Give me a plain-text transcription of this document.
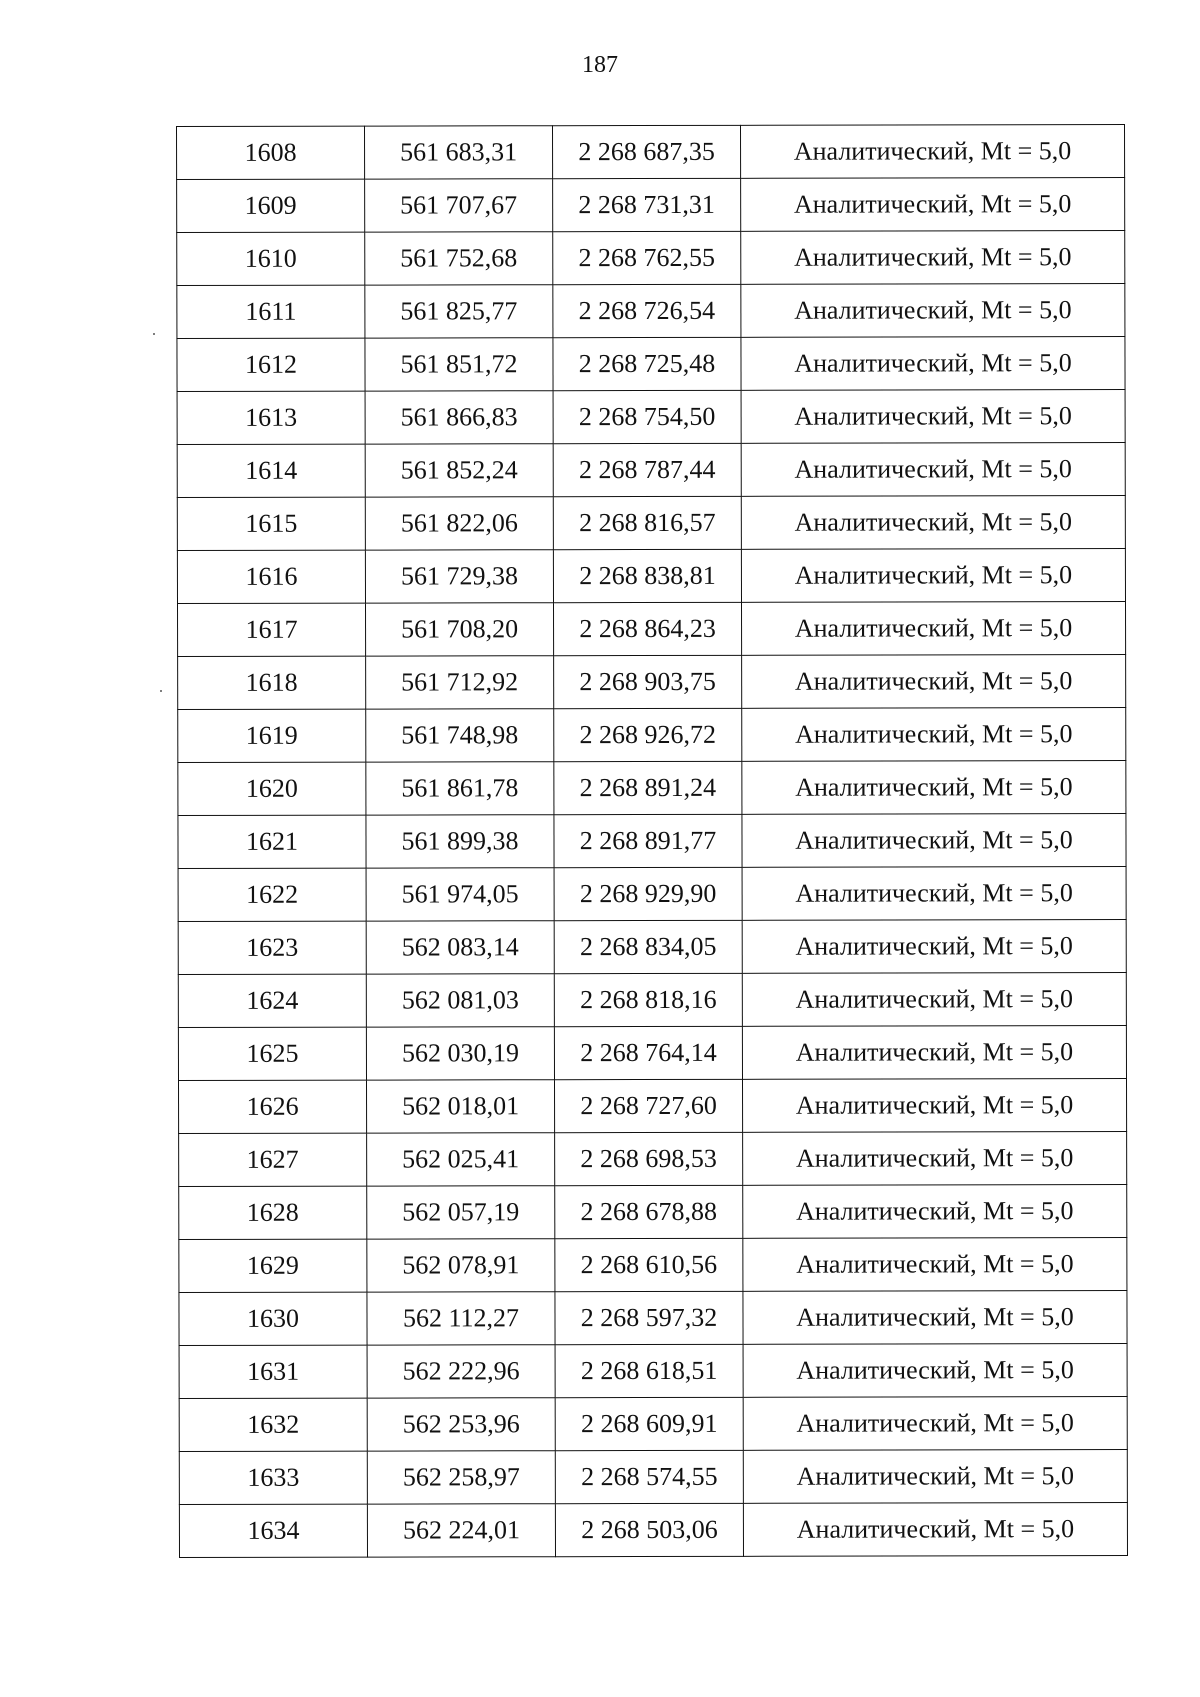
187
1608	561 683,31	2 268 687,35	Аналитический, Mt = 5,0
1609	561 707,67	2 268 731,31	Аналитический, Mt = 5,0
1610	561 752,68	2 268 762,55	Аналитический, Mt = 5,0
1611	561 825,77	2 268 726,54	Аналитический, Mt = 5,0
1612	561 851,72	2 268 725,48	Аналитический, Mt = 5,0
1613	561 866,83	2 268 754,50	Аналитический, Mt = 5,0
1614	561 852,24	2 268 787,44	Аналитический, Mt = 5,0
1615	561 822,06	2 268 816,57	Аналитический, Mt = 5,0
1616	561 729,38	2 268 838,81	Аналитический, Mt = 5,0
1617	561 708,20	2 268 864,23	Аналитический, Mt = 5,0
1618	561 712,92	2 268 903,75	Аналитический, Mt = 5,0
1619	561 748,98	2 268 926,72	Аналитический, Mt = 5,0
1620	561 861,78	2 268 891,24	Аналитический, Mt = 5,0
1621	561 899,38	2 268 891,77	Аналитический, Mt = 5,0
1622	561 974,05	2 268 929,90	Аналитический, Mt = 5,0
1623	562 083,14	2 268 834,05	Аналитический, Mt = 5,0
1624	562 081,03	2 268 818,16	Аналитический, Mt = 5,0
1625	562 030,19	2 268 764,14	Аналитический, Mt = 5,0
1626	562 018,01	2 268 727,60	Аналитический, Mt = 5,0
1627	562 025,41	2 268 698,53	Аналитический, Mt = 5,0
1628	562 057,19	2 268 678,88	Аналитический, Mt = 5,0
1629	562 078,91	2 268 610,56	Аналитический, Mt = 5,0
1630	562 112,27	2 268 597,32	Аналитический, Mt = 5,0
1631	562 222,96	2 268 618,51	Аналитический, Mt = 5,0
1632	562 253,96	2 268 609,91	Аналитический, Mt = 5,0
1633	562 258,97	2 268 574,55	Аналитический, Mt = 5,0
1634	562 224,01	2 268 503,06	Аналитический, Mt = 5,0
